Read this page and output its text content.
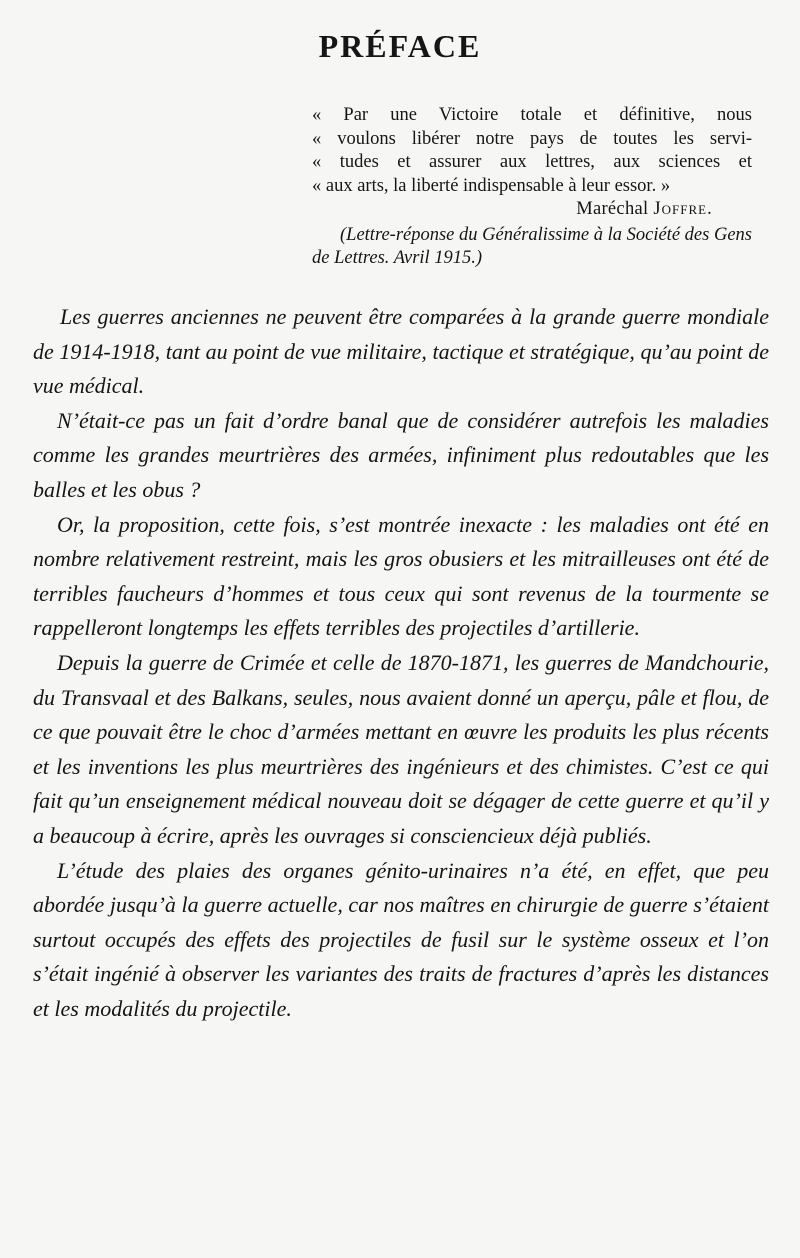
PRÉFACE
« Par une Victoire totale et définitive, nous
« voulons libérer notre pays de toutes les servi-
« tudes et assurer aux lettres, aux sciences et
« aux arts, la liberté indispensable à leur essor. »
Maréchal Joffre.
(Lettre-réponse du Généralissime à la Société des Gens de Lettres. Avril 1915.)

Les guerres anciennes ne peuvent être comparées à la grande guerre mondiale de 1914-1918, tant au point de vue militaire, tactique et stratégique, qu’au point de vue médical.

N’était-ce pas un fait d’ordre banal que de considérer autrefois les maladies comme les grandes meurtrières des armées, infiniment plus redoutables que les balles et les obus ?

Or, la proposition, cette fois, s’est montrée inexacte : les maladies ont été en nombre relativement restreint, mais les gros obusiers et les mitrailleuses ont été de terribles faucheurs d’hommes et tous ceux qui sont revenus de la tourmente se rappelleront longtemps les effets terribles des projectiles d’artillerie.

Depuis la guerre de Crimée et celle de 1870-1871, les guerres de Mandchourie, du Transvaal et des Balkans, seules, nous avaient donné un aperçu, pâle et flou, de ce que pouvait être le choc d’armées mettant en œuvre les produits les plus récents et les inventions les plus meurtrières des ingénieurs et des chimistes. C’est ce qui fait qu’un enseignement médical nouveau doit se dégager de cette guerre et qu’il y a beaucoup à écrire, après les ouvrages si consciencieux déjà publiés.

L’étude des plaies des organes génito-urinaires n’a été, en effet, que peu abordée jusqu’à la guerre actuelle, car nos maîtres en chirurgie de guerre s’étaient surtout occupés des effets des projectiles de fusil sur le système osseux et l’on s’était ingénié à observer les variantes des traits de fractures d’après les distances et les modalités du projectile.
